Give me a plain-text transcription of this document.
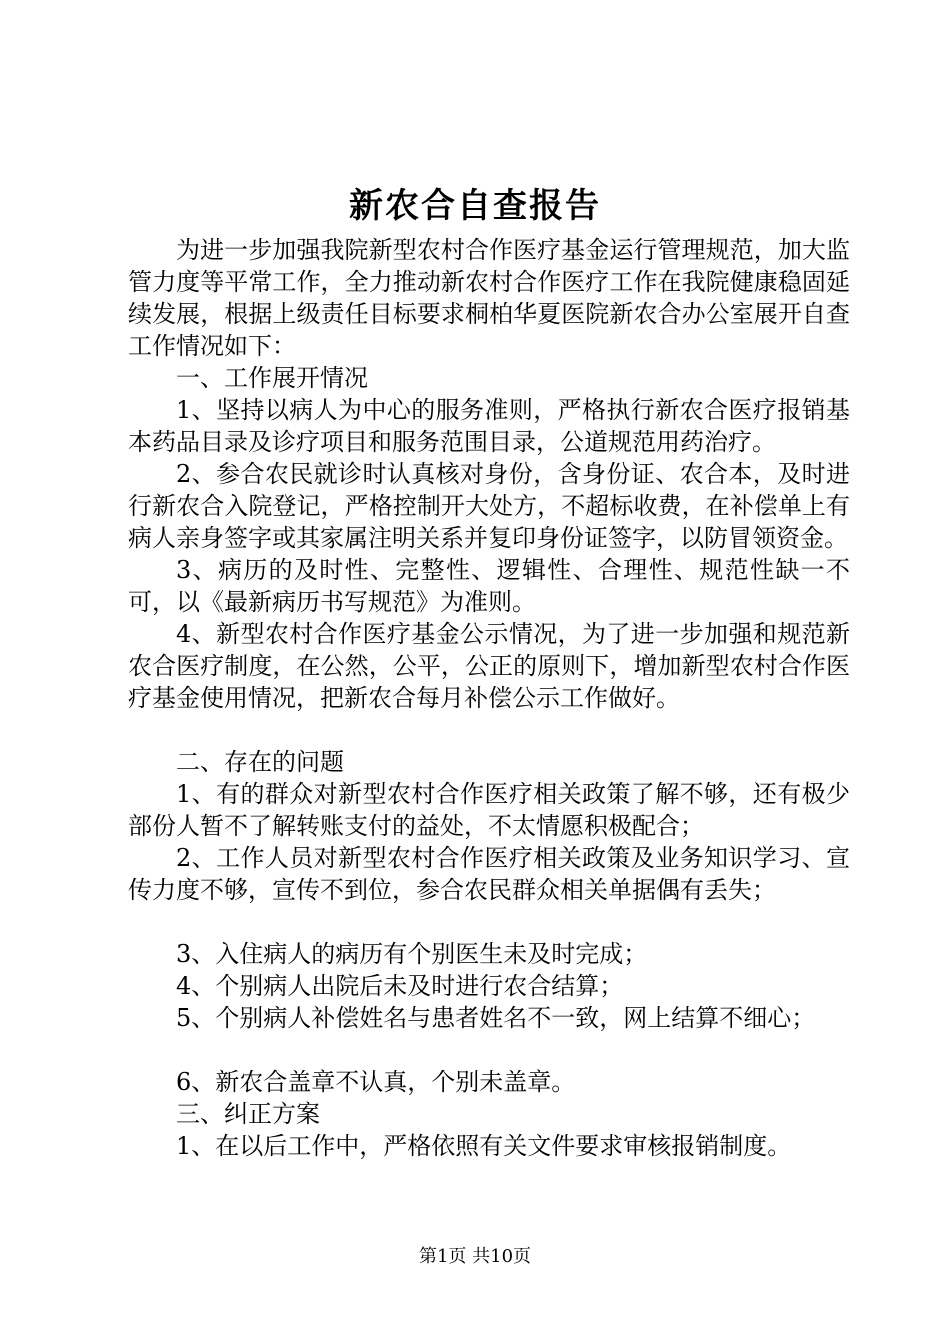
新农合自查报告

为进一步加强我院新型农村合作医疗基金运行管理规范，加大监管力度等平常工作，全力推动新农村合作医疗工作在我院健康稳固延续发展，根据上级责任目标要求桐柏华夏医院新农合办公室展开自查工作情况如下：

一、工作展开情况

1、坚持以病人为中心的服务准则，严格执行新农合医疗报销基本药品目录及诊疗项目和服务范围目录，公道规范用药治疗。

2、参合农民就诊时认真核对身份，含身份证、农合本，及时进行新农合入院登记，严格控制开大处方，不超标收费，在补偿单上有病人亲身签字或其家属注明关系并复印身份证签字，以防冒领资金。

3、病历的及时性、完整性、逻辑性、合理性、规范性缺一不可，以《最新病历书写规范》为准则。

4、新型农村合作医疗基金公示情况，为了进一步加强和规范新农合医疗制度，在公然，公平，公正的原则下，增加新型农村合作医疗基金使用情况，把新农合每月补偿公示工作做好。

二、存在的问题

1、有的群众对新型农村合作医疗相关政策了解不够，还有极少部份人暂不了解转账支付的益处，不太情愿积极配合；

2、工作人员对新型农村合作医疗相关政策及业务知识学习、宣传力度不够，宣传不到位，参合农民群众相关单据偶有丢失；

3、入住病人的病历有个别医生未及时完成；

4、个别病人出院后未及时进行农合结算；

5、个别病人补偿姓名与患者姓名不一致，网上结算不细心；

6、新农合盖章不认真，个别未盖章。

三、纠正方案

1、在以后工作中，严格依照有关文件要求审核报销制度。

第1页 共10页
